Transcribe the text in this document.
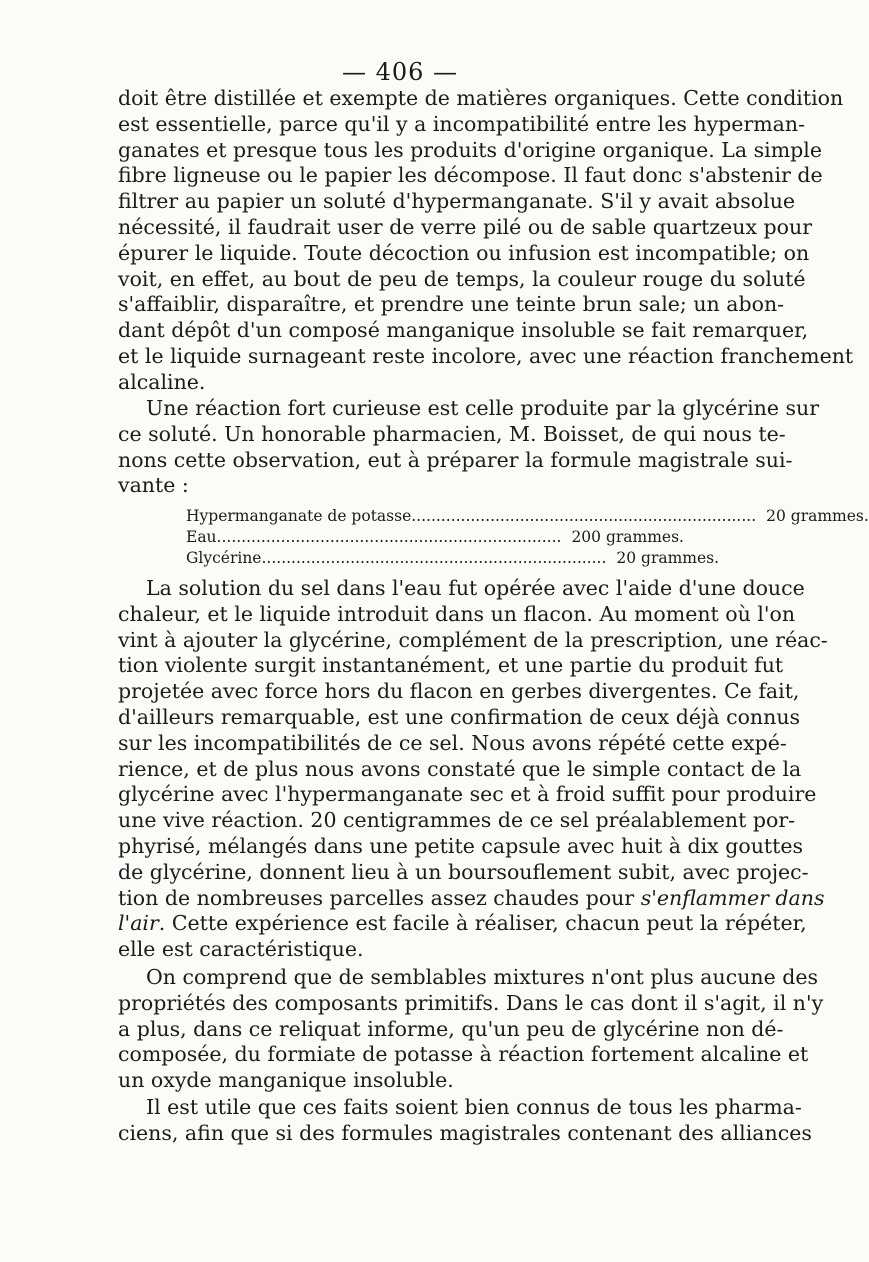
— 406 —
doit être distillée et exempte de matières organiques. Cette condition
est essentielle, parce qu'il y a incompatibilité entre les hyperman-
ganates et presque tous les produits d'origine organique. La simple
fibre ligneuse ou le papier les décompose. Il faut donc s'abstenir de
filtrer au papier un soluté d'hypermanganate. S'il y avait absolue
nécessité, il faudrait user de verre pilé ou de sable quartzeux pour
épurer le liquide. Toute décoction ou infusion est incompatible; on
voit, en effet, au bout de peu de temps, la couleur rouge du soluté
s'affaiblir, disparaître, et prendre une teinte brun sale; un abon-
dant dépôt d'un composé manganique insoluble se fait remarquer,
et le liquide surnageant reste incolore, avec une réaction franchement
alcaline.
Une réaction fort curieuse est celle produite par la glycérine sur
ce soluté. Un honorable pharmacien, M. Boisset, de qui nous te-
nons cette observation, eut à préparer la formule magistrale sui-
vante :
Hypermanganate de potasse .....	20 grammes.
Eau .....	200 grammes.
Glycérine .....	20 grammes.
La solution du sel dans l'eau fut opérée avec l'aide d'une douce
chaleur, et le liquide introduit dans un flacon. Au moment où l'on
vint à ajouter la glycérine, complément de la prescription, une réac-
tion violente surgit instantanément, et une partie du produit fut
projetée avec force hors du flacon en gerbes divergentes. Ce fait,
d'ailleurs remarquable, est une confirmation de ceux déjà connus
sur les incompatibilités de ce sel. Nous avons répété cette expé-
rience, et de plus nous avons constaté que le simple contact de la
glycérine avec l'hypermanganate sec et à froid suffit pour produire
une vive réaction. 20 centigrammes de ce sel préalablement por-
phyrisé, mélangés dans une petite capsule avec huit à dix gouttes
de glycérine, donnent lieu à un boursouflement subit, avec projec-
tion de nombreuses parcelles assez chaudes pour s'enflammer dans
l'air. Cette expérience est facile à réaliser, chacun peut la répéter,
elle est caractéristique.
On comprend que de semblables mixtures n'ont plus aucune des
propriétés des composants primitifs. Dans le cas dont il s'agit, il n'y
a plus, dans ce reliquat informe, qu'un peu de glycérine non dé-
composée, du formiate de potasse à réaction fortement alcaline et
un oxyde manganique insoluble.
Il est utile que ces faits soient bien connus de tous les pharma-
ciens, afin que si des formules magistrales contenant des alliances
